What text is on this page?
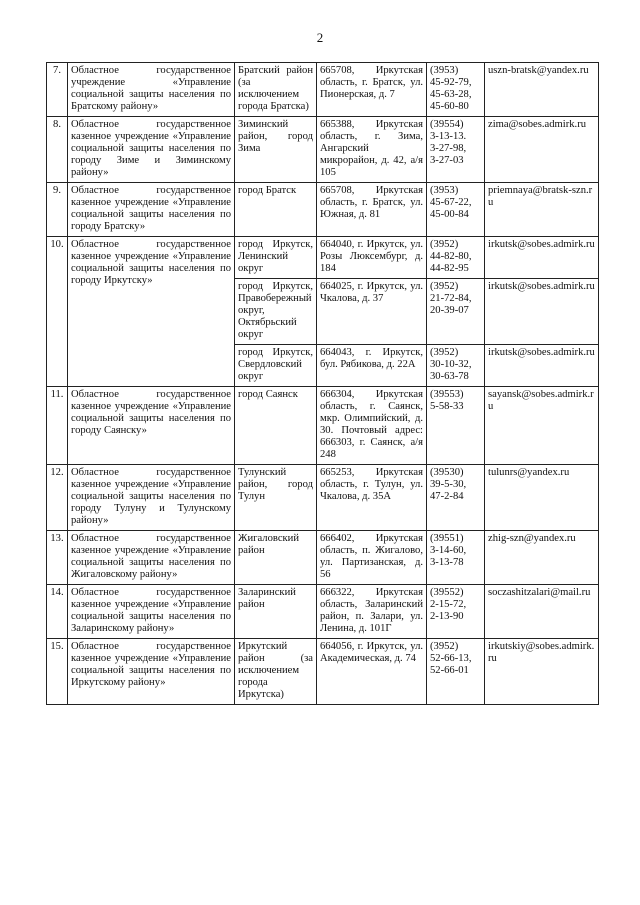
2
7.	Областное государственное учреждение «Управление социальной защиты населения по Братскому району»	Братский район (за исключением города Братска)	665708, Иркутская область, г. Братск, ул. Пионерская, д. 7	(3953)
45-92-79,
45-63-28,
45-60-80	uszn-bratsk@yandex.ru
8.	Областное государственное казенное учреждение «Управление социальной защиты населения по городу Зиме и Зиминскому району»	Зиминский район, город Зима	665388, Иркутская область, г. Зима, Ангарский микрорайон, д. 42, а/я 105	(39554)
3-13-13.
3-27-98,
3-27-03	zima@sobes.admirk.ru
9.	Областное государственное казенное учреждение «Управление социальной защиты населения по городу Братску»	город Братск	665708, Иркутская область, г. Братск, ул. Южная, д. 81	(3953)
45-67-22,
45-00-84	priemnaya@bratsk-szn.ru
10.	Областное государственное казенное учреждение «Управление социальной защиты населения по городу Иркутску»	город Иркутск, Ленинский округ	664040, г. Иркутск, ул. Розы Люксембург, д. 184	(3952)
44-82-80,
44-82-95	irkutsk@sobes.admirk.ru
		город Иркутск, Правобережный округ, Октябрьский округ	664025, г. Иркутск, ул. Чкалова, д. 37	(3952)
21-72-84,
20-39-07	irkutsk@sobes.admirk.ru
		город Иркутск, Свердловский округ	664043, г. Иркутск, бул. Рябикова, д. 22А	(3952)
30-10-32,
30-63-78	irkutsk@sobes.admirk.ru
11.	Областное государственное казенное учреждение «Управление социальной защиты населения по городу Саянску»	город Саянск	666304, Иркутская область, г. Саянск, мкр. Олимпийский, д. 30. Почтовый адрес: 666303, г. Саянск, а/я 248	(39553)
5-58-33	sayansk@sobes.admirk.ru
12.	Областное государственное казенное учреждение «Управление социальной защиты населения по городу Тулуну и Тулунскому району»	Тулунский район, город Тулун	665253, Иркутская область, г. Тулун, ул. Чкалова, д. 35А	(39530)
39-5-30,
47-2-84	tulunrs@yandex.ru
13.	Областное государственное казенное учреждение «Управление социальной защиты населения по Жигаловскому району»	Жигаловский район	666402, Иркутская область, п. Жигалово, ул. Партизанская, д. 56	(39551)
3-14-60,
3-13-78	zhig-szn@yandex.ru
14.	Областное государственное казенное учреждение «Управление социальной защиты населения по Заларинскому району»	Заларинский район	666322, Иркутская область, Заларинский район, п. Залари, ул. Ленина, д. 101Г	(39552)
2-15-72,
2-13-90	soczashitzalari@mail.ru
15.	Областное государственное казенное учреждение «Управление социальной защиты населения по Иркутскому району»	Иркутский район (за исключением города Иркутска)	664056, г. Иркутск, ул. Академическая, д. 74	(3952)
52-66-13,
52-66-01	irkutskiy@sobes.admirk.ru
